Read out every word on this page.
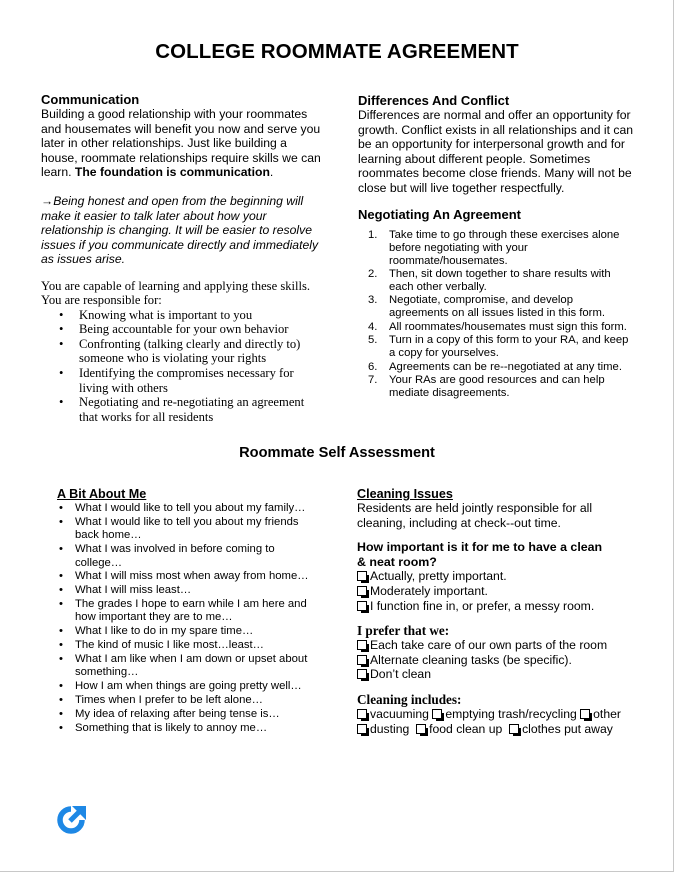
COLLEGE ROOMMATE AGREEMENT

Communication

Building a good relationship with your roommates and housemates will benefit you now and serve you later in other relationships. Just like building a house, roommate relationships require skills we can learn. The foundation is communication.

→Being honest and open from the beginning will make it easier to talk later about how your relationship is changing. It will be easier to resolve issues if you communicate directly and immediately as issues arise.

You are capable of learning and applying these skills. You are responsible for:

• Knowing what is important to you
• Being accountable for your own behavior
• Confronting (talking clearly and directly to) someone who is violating your rights
• Identifying the compromises necessary for living with others
• Negotiating and re-negotiating an agreement that works for all residents

Differences And Conflict

Differences are normal and offer an opportunity for growth. Conflict exists in all relationships and it can be an opportunity for interpersonal growth and for learning about different people. Sometimes roommates become close friends. Many will not be close but will live together respectfully.

Negotiating An Agreement

1. Take time to go through these exercises alone before negotiating with your roommate/housemates.
2. Then, sit down together to share results with each other verbally.
3. Negotiate, compromise, and develop agreements on all issues listed in this form.
4. All roommates/housemates must sign this form.
5. Turn in a copy of this form to your RA, and keep a copy for yourselves.
6. Agreements can be re--negotiated at any time.
7. Your RAs are good resources and can help mediate disagreements.
Roommate Self Assessment

A Bit About Me

• What I would like to tell you about my family…
• What I would like to tell you about my friends back home…
• What I was involved in before coming to college…
• What I will miss most when away from home…
• What I will miss least…
• The grades I hope to earn while I am here and how important they are to me…
• What I like to do in my spare time…
• The kind of music I like most…least…
• What I am like when I am down or upset about something…
• How I am when things are going pretty well…
• Times when I prefer to be left alone…
• My idea of relaxing after being tense is…
• Something that is likely to annoy me…

Cleaning Issues

Residents are held jointly responsible for all cleaning, including at check--out time.

How important is it for me to have a clean & neat room?

Actually, pretty important.

Moderately important.

I function fine in, or prefer, a messy room.

I prefer that we:

Each take care of our own parts of the room

Alternate cleaning tasks (be specific).

Don’t clean

Cleaning includes:

vacuuming emptying trash/recycling other

dusting food clean up clothes put away
